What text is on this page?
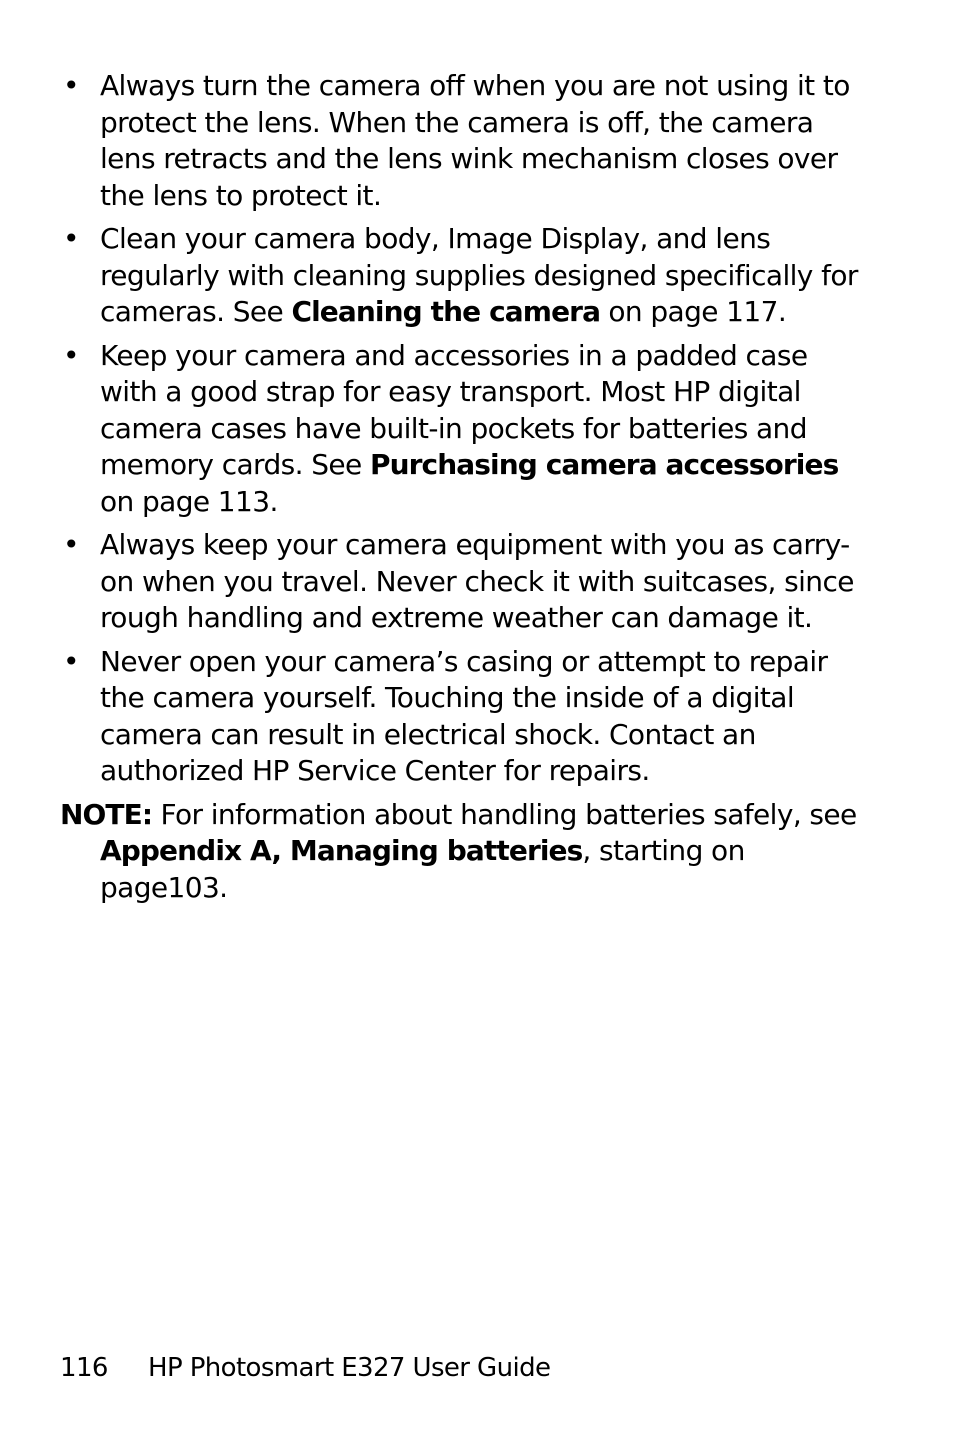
• Always turn the camera off when you are not using it to protect the lens. When the camera is off, the camera lens retracts and the lens wink mechanism closes over the lens to protect it.
• Clean your camera body, Image Display, and lens regularly with cleaning supplies designed specifically for cameras. See Cleaning the camera on page 117.
• Keep your camera and accessories in a padded case with a good strap for easy transport. Most HP digital camera cases have built-in pockets for batteries and memory cards. See Purchasing camera accessories on page 113.
• Always keep your camera equipment with you as carry-on when you travel. Never check it with suitcases, since rough handling and extreme weather can damage it.
• Never open your camera’s casing or attempt to repair the camera yourself. Touching the inside of a digital camera can result in electrical shock. Contact an authorized HP Service Center for repairs.
NOTE: For information about handling batteries safely, see Appendix A, Managing batteries, starting on page103.
116 HP Photosmart E327 User Guide
